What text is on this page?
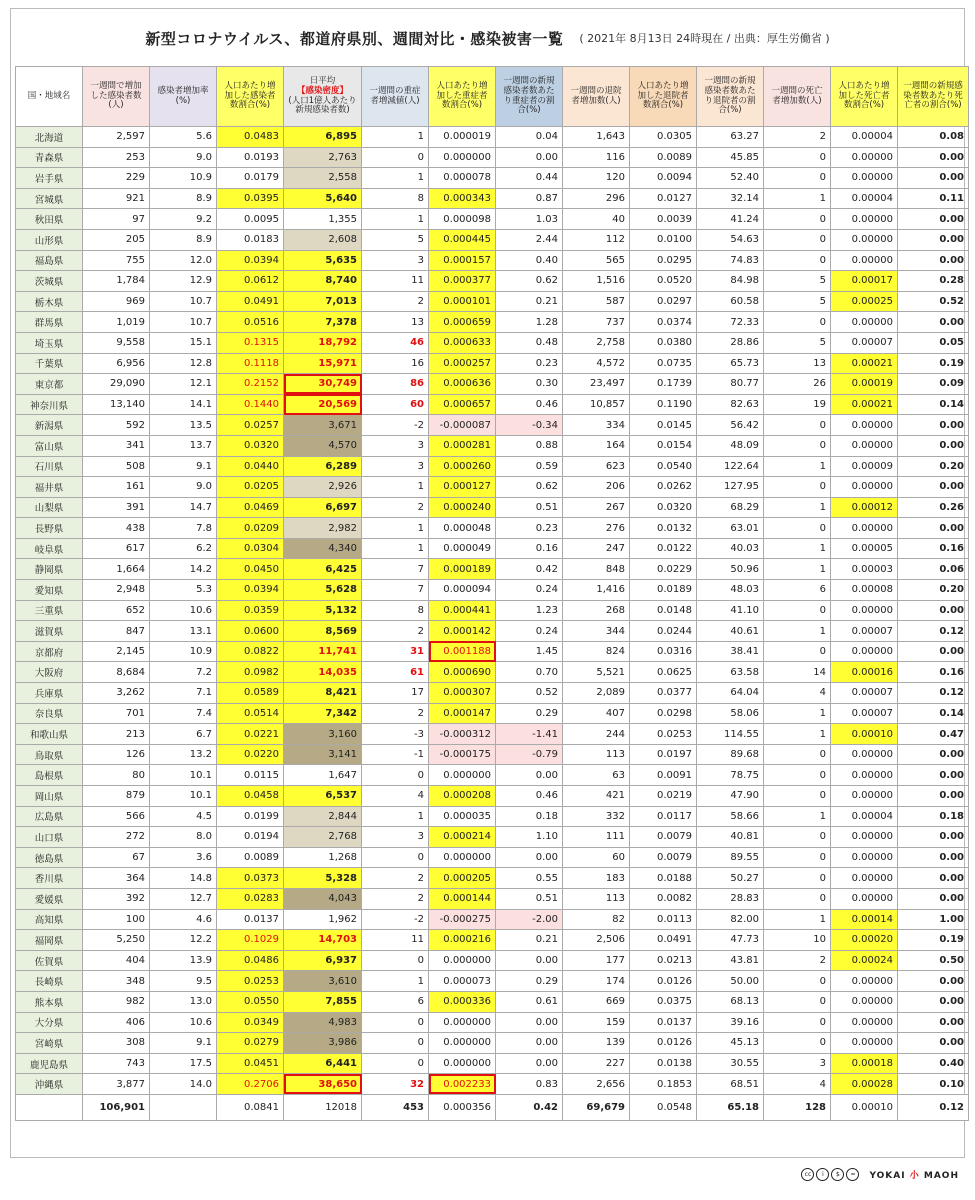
新型コロナウイルス、都道府県別、週間対比・感染被害一覧 ( 2021年 8月13日 24時現在 / 出典：厚生労働省 )
国・地域名	一週間で増加した感染者数(人)	感染者増加率(%)	人口あたり増加した感染者数割合(%)	日平均
【感染密度】
(人口1億人あたり新規感染者数)	一週間の重症者増減値(人)	人口あたり増加した重症者数割合(%)	一週間の新規感染者数あたり重症者の割合(%)	一週間の退院者増加数(人)	人口あたり増加した退院者数割合(%)	一週間の新規感染者数あたり退院者の割合(%)	一週間の死亡者増加数(人)	人口あたり増加した死亡者数割合(%)	一週間の新規感染者数あたり死亡者の割合(%)
北海道	2,597	5.6	0.0483	6,895	1	0.000019	0.04	1,643	0.0305	63.27	2	0.00004	0.08
青森県	253	9.0	0.0193	2,763	0	0.000000	0.00	116	0.0089	45.85	0	0.00000	0.00
岩手県	229	10.9	0.0179	2,558	1	0.000078	0.44	120	0.0094	52.40	0	0.00000	0.00
宮城県	921	8.9	0.0395	5,640	8	0.000343	0.87	296	0.0127	32.14	1	0.00004	0.11
秋田県	97	9.2	0.0095	1,355	1	0.000098	1.03	40	0.0039	41.24	0	0.00000	0.00
山形県	205	8.9	0.0183	2,608	5	0.000445	2.44	112	0.0100	54.63	0	0.00000	0.00
福島県	755	12.0	0.0394	5,635	3	0.000157	0.40	565	0.0295	74.83	0	0.00000	0.00
茨城県	1,784	12.9	0.0612	8,740	11	0.000377	0.62	1,516	0.0520	84.98	5	0.00017	0.28
栃木県	969	10.7	0.0491	7,013	2	0.000101	0.21	587	0.0297	60.58	5	0.00025	0.52
群馬県	1,019	10.7	0.0516	7,378	13	0.000659	1.28	737	0.0374	72.33	0	0.00000	0.00
埼玉県	9,558	15.1	0.1315	18,792	46	0.000633	0.48	2,758	0.0380	28.86	5	0.00007	0.05
千葉県	6,956	12.8	0.1118	15,971	16	0.000257	0.23	4,572	0.0735	65.73	13	0.00021	0.19
東京都	29,090	12.1	0.2152	30,749	86	0.000636	0.30	23,497	0.1739	80.77	26	0.00019	0.09
神奈川県	13,140	14.1	0.1440	20,569	60	0.000657	0.46	10,857	0.1190	82.63	19	0.00021	0.14
新潟県	592	13.5	0.0257	3,671	-2	-0.000087	-0.34	334	0.0145	56.42	0	0.00000	0.00
富山県	341	13.7	0.0320	4,570	3	0.000281	0.88	164	0.0154	48.09	0	0.00000	0.00
石川県	508	9.1	0.0440	6,289	3	0.000260	0.59	623	0.0540	122.64	1	0.00009	0.20
福井県	161	9.0	0.0205	2,926	1	0.000127	0.62	206	0.0262	127.95	0	0.00000	0.00
山梨県	391	14.7	0.0469	6,697	2	0.000240	0.51	267	0.0320	68.29	1	0.00012	0.26
長野県	438	7.8	0.0209	2,982	1	0.000048	0.23	276	0.0132	63.01	0	0.00000	0.00
岐阜県	617	6.2	0.0304	4,340	1	0.000049	0.16	247	0.0122	40.03	1	0.00005	0.16
静岡県	1,664	14.2	0.0450	6,425	7	0.000189	0.42	848	0.0229	50.96	1	0.00003	0.06
愛知県	2,948	5.3	0.0394	5,628	7	0.000094	0.24	1,416	0.0189	48.03	6	0.00008	0.20
三重県	652	10.6	0.0359	5,132	8	0.000441	1.23	268	0.0148	41.10	0	0.00000	0.00
滋賀県	847	13.1	0.0600	8,569	2	0.000142	0.24	344	0.0244	40.61	1	0.00007	0.12
京都府	2,145	10.9	0.0822	11,741	31	0.001188	1.45	824	0.0316	38.41	0	0.00000	0.00
大阪府	8,684	7.2	0.0982	14,035	61	0.000690	0.70	5,521	0.0625	63.58	14	0.00016	0.16
兵庫県	3,262	7.1	0.0589	8,421	17	0.000307	0.52	2,089	0.0377	64.04	4	0.00007	0.12
奈良県	701	7.4	0.0514	7,342	2	0.000147	0.29	407	0.0298	58.06	1	0.00007	0.14
和歌山県	213	6.7	0.0221	3,160	-3	-0.000312	-1.41	244	0.0253	114.55	1	0.00010	0.47
鳥取県	126	13.2	0.0220	3,141	-1	-0.000175	-0.79	113	0.0197	89.68	0	0.00000	0.00
島根県	80	10.1	0.0115	1,647	0	0.000000	0.00	63	0.0091	78.75	0	0.00000	0.00
岡山県	879	10.1	0.0458	6,537	4	0.000208	0.46	421	0.0219	47.90	0	0.00000	0.00
広島県	566	4.5	0.0199	2,844	1	0.000035	0.18	332	0.0117	58.66	1	0.00004	0.18
山口県	272	8.0	0.0194	2,768	3	0.000214	1.10	111	0.0079	40.81	0	0.00000	0.00
徳島県	67	3.6	0.0089	1,268	0	0.000000	0.00	60	0.0079	89.55	0	0.00000	0.00
香川県	364	14.8	0.0373	5,328	2	0.000205	0.55	183	0.0188	50.27	0	0.00000	0.00
愛媛県	392	12.7	0.0283	4,043	2	0.000144	0.51	113	0.0082	28.83	0	0.00000	0.00
高知県	100	4.6	0.0137	1,962	-2	-0.000275	-2.00	82	0.0113	82.00	1	0.00014	1.00
福岡県	5,250	12.2	0.1029	14,703	11	0.000216	0.21	2,506	0.0491	47.73	10	0.00020	0.19
佐賀県	404	13.9	0.0486	6,937	0	0.000000	0.00	177	0.0213	43.81	2	0.00024	0.50
長崎県	348	9.5	0.0253	3,610	1	0.000073	0.29	174	0.0126	50.00	0	0.00000	0.00
熊本県	982	13.0	0.0550	7,855	6	0.000336	0.61	669	0.0375	68.13	0	0.00000	0.00
大分県	406	10.6	0.0349	4,983	0	0.000000	0.00	159	0.0137	39.16	0	0.00000	0.00
宮崎県	308	9.1	0.0279	3,986	0	0.000000	0.00	139	0.0126	45.13	0	0.00000	0.00
鹿児島県	743	17.5	0.0451	6,441	0	0.000000	0.00	227	0.0138	30.55	3	0.00018	0.40
沖縄県	3,877	14.0	0.2706	38,650	32	0.002233	0.83	2,656	0.1853	68.51	4	0.00028	0.10
	106,901		0.0841	12018	453	0.000356	0.42	69,679	0.0548	65.18	128	0.00010	0.12
cc	i	$	=	YOKAI 小 MAOH
